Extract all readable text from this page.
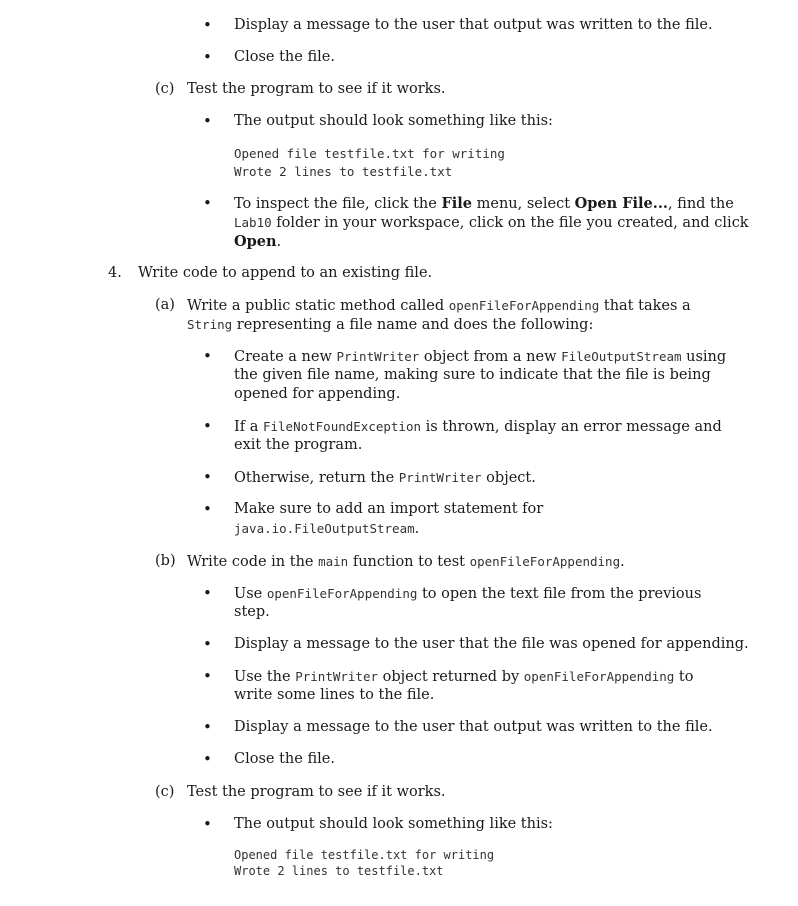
• Display a message to the user that output was written to the file.
• Close the file.
(c) Test the program to see if it works.
• The output should look something like this:
Opened file testfile.txt for writing
Wrote 2 lines to testfile.txt
• To inspect the file, click the File menu, select Open File..., find the
Lab10 folder in your workspace, click on the file you created, and click
Open.
4. Write code to append to an existing file.
(a) Write a public static method called openFileForAppending that takes a
String representing a file name and does the following:
• Create a new PrintWriter object from a new FileOutputStream using
the given file name, making sure to indicate that the file is being
opened for appending.
• If a FileNotFoundException is thrown, display an error message and
exit the program.
• Otherwise, return the PrintWriter object.
• Make sure to add an import statement for
java.io.FileOutputStream.
(b) Write code in the main function to test openFileForAppending.
• Use openFileForAppending to open the text file from the previous
step.
• Display a message to the user that the file was opened for appending.
• Use the PrintWriter object returned by openFileForAppending to
write some lines to the file.
• Display a message to the user that output was written to the file.
• Close the file.
(c) Test the program to see if it works.
• The output should look something like this:
Opened file testfile.txt for writing
Wrote 2 lines to testfile.txt
